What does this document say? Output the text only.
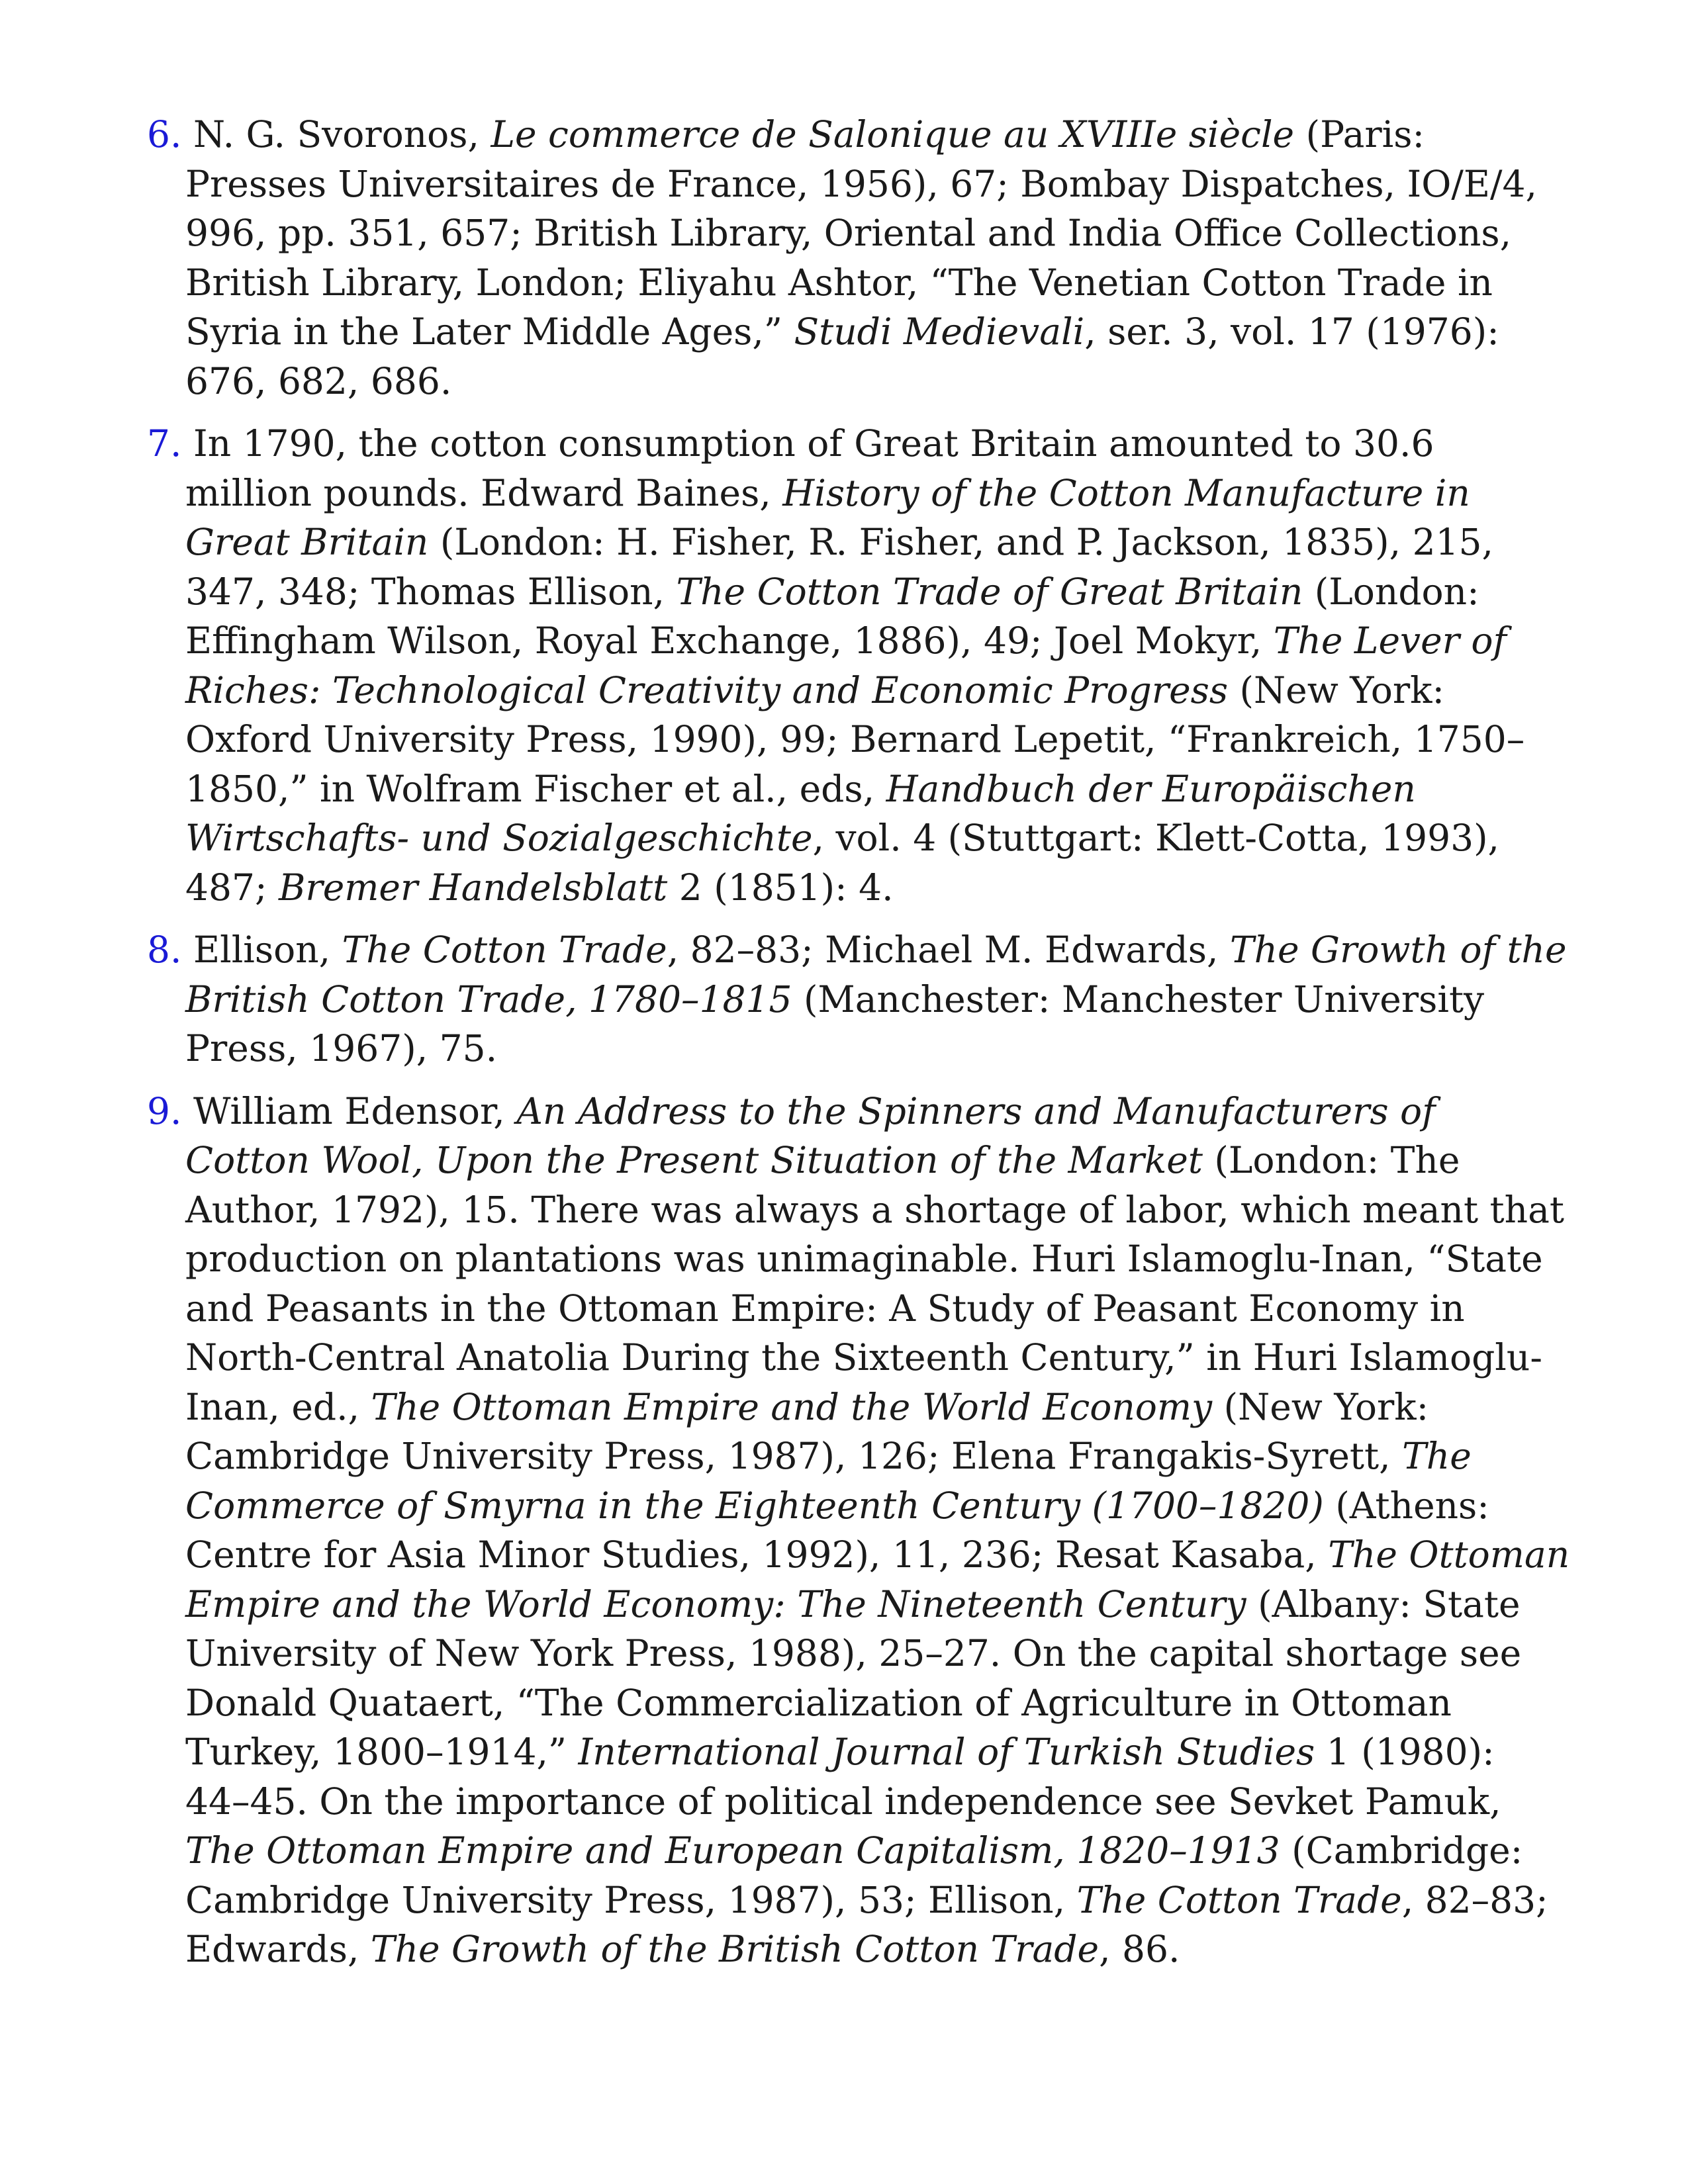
6. N. G. Svoronos, Le commerce de Salonique au XVIIIe siècle (Paris: Presses Universitaires de France, 1956), 67; Bombay Dispatches, IO/E/4, 996, pp. 351, 657; British Library, Oriental and India Office Collections, British Library, London; Eliyahu Ashtor, “The Venetian Cotton Trade in Syria in the Later Middle Ages,” Studi Medievali, ser. 3, vol. 17 (1976): 676, 682, 686.
7. In 1790, the cotton consumption of Great Britain amounted to 30.6 million pounds. Edward Baines, History of the Cotton Manufacture in Great Britain (London: H. Fisher, R. Fisher, and P. Jackson, 1835), 215, 347, 348; Thomas Ellison, The Cotton Trade of Great Britain (London: Effingham Wilson, Royal Exchange, 1886), 49; Joel Mokyr, The Lever of Riches: Technological Creativity and Economic Progress (New York: Oxford University Press, 1990), 99; Bernard Lepetit, “Frankreich, 1750–1850,” in Wolfram Fischer et al., eds, Handbuch der Europäischen Wirtschafts- und Sozialgeschichte, vol. 4 (Stuttgart: Klett-Cotta, 1993), 487; Bremer Handelsblatt 2 (1851): 4.
8. Ellison, The Cotton Trade, 82–83; Michael M. Edwards, The Growth of the British Cotton Trade, 1780–1815 (Manchester: Manchester University Press, 1967), 75.
9. William Edensor, An Address to the Spinners and Manufacturers of Cotton Wool, Upon the Present Situation of the Market (London: The Author, 1792), 15. There was always a shortage of labor, which meant that production on plantations was unimaginable. Huri Islamoglu-Inan, “State and Peasants in the Ottoman Empire: A Study of Peasant Economy in North-Central Anatolia During the Sixteenth Century,” in Huri Islamoglu-Inan, ed., The Ottoman Empire and the World Economy (New York: Cambridge University Press, 1987), 126; Elena Frangakis-Syrett, The Commerce of Smyrna in the Eighteenth Century (1700–1820) (Athens: Centre for Asia Minor Studies, 1992), 11, 236; Resat Kasaba, The Ottoman Empire and the World Economy: The Nineteenth Century (Albany: State University of New York Press, 1988), 25–27. On the capital shortage see Donald Quataert, “The Commercialization of Agriculture in Ottoman Turkey, 1800–1914,” International Journal of Turkish Studies 1 (1980): 44–45. On the importance of political independence see Sevket Pamuk, The Ottoman Empire and European Capitalism, 1820–1913 (Cambridge: Cambridge University Press, 1987), 53; Ellison, The Cotton Trade, 82–83; Edwards, The Growth of the British Cotton Trade, 86.
